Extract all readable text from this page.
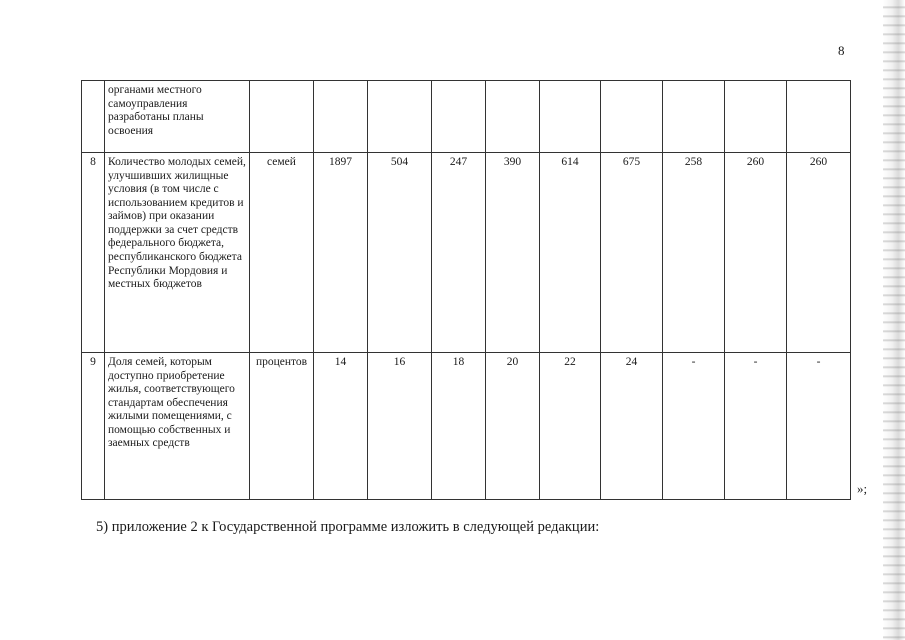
8
	органами местного самоуправления разработаны планы освоения										
8	Количество молодых семей, улучшивших жилищные условия (в том числе с использованием кредитов и займов) при оказании поддержки за счет средств федерального бюджета, республиканского бюджета Республики Мордовия и местных бюджетов	семей	1897	504	247	390	614	675	258	260	260
9	Доля семей, которым доступно приобретение жилья, соответствующего стандартам обеспечения жилыми помещениями, с помощью собственных и заемных средств	процентов	14	16	18	20	22	24	-	-	-
»;
5) приложение 2 к Государственной программе изложить в следующей редакции:
